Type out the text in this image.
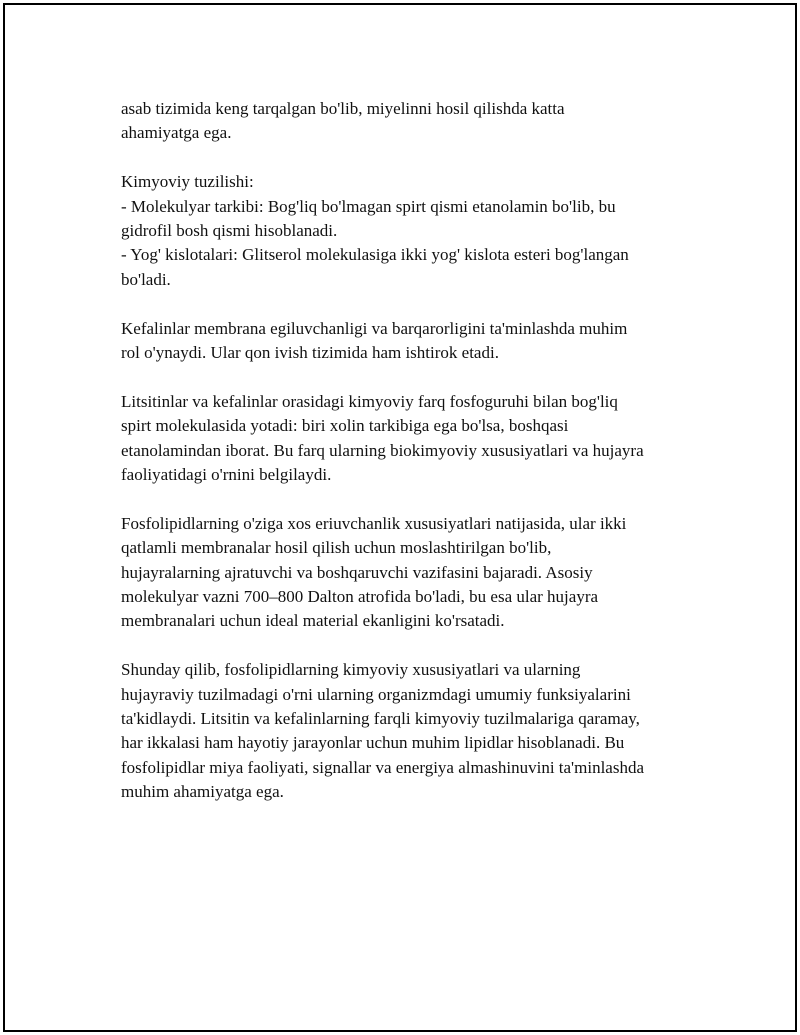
asab tizimida keng tarqalgan bo'lib, miyelinni hosil qilishda katta
ahamiyatga ega.

Kimyoviy tuzilishi:
- Molekulyar tarkibi: Bog'liq bo'lmagan spirt qismi etanolamin bo'lib, bu
gidrofil bosh qismi hisoblanadi.
- Yog' kislotalari: Glitserol molekulasiga ikki yog' kislota esteri bog'langan
bo'ladi.

Kefalinlar membrana egiluvchanligi va barqarorligini ta'minlashda muhim
rol o'ynaydi. Ular qon ivish tizimida ham ishtirok etadi.

Litsitinlar va kefalinlar orasidagi kimyoviy farq fosfoguruhi bilan bog'liq
spirt molekulasida yotadi: biri xolin tarkibiga ega bo'lsa, boshqasi
etanolamindan iborat. Bu farq ularning biokimyoviy xususiyatlari va hujayra
faoliyatidagi o'rnini belgilaydi.

Fosfolipidlarning o'ziga xos eriuvchanlik xususiyatlari natijasida, ular ikki
qatlamli membranalar hosil qilish uchun moslashtirilgan bo'lib,
hujayralarning ajratuvchi va boshqaruvchi vazifasini bajaradi. Asosiy
molekulyar vazni 700–800 Dalton atrofida bo'ladi, bu esa ular hujayra
membranalari uchun ideal material ekanligini ko'rsatadi.

Shunday qilib, fosfolipidlarning kimyoviy xususiyatlari va ularning
hujayraviy tuzilmadagi o'rni ularning organizmdagi umumiy funksiyalarini
ta'kidlaydi. Litsitin va kefalinlarning farqli kimyoviy tuzilmalariga qaramay,
har ikkalasi ham hayotiy jarayonlar uchun muhim lipidlar hisoblanadi. Bu
fosfolipidlar miya faoliyati, signallar va energiya almashinuvini ta'minlashda
muhim ahamiyatga ega.
